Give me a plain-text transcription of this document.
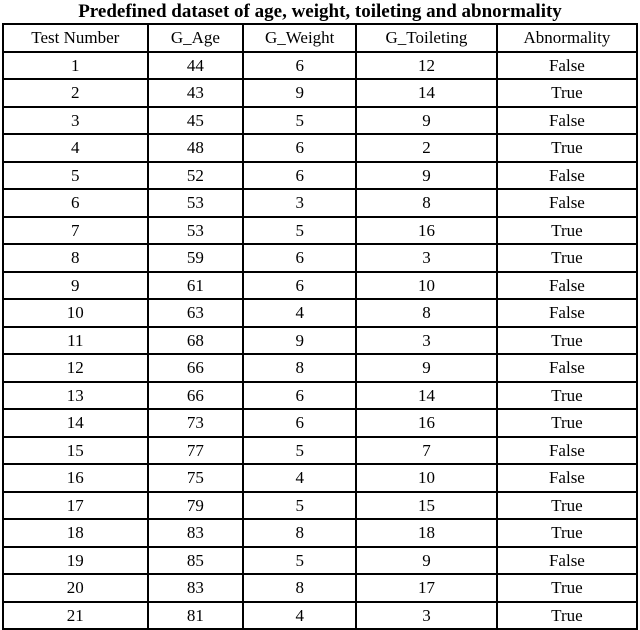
Predefined dataset of age, weight, toileting and abnormality
Test Number	G_Age	G_Weight	G_Toileting	Abnormality
1	44	6	12	False
2	43	9	14	True
3	45	5	9	False
4	48	6	2	True
5	52	6	9	False
6	53	3	8	False
7	53	5	16	True
8	59	6	3	True
9	61	6	10	False
10	63	4	8	False
11	68	9	3	True
12	66	8	9	False
13	66	6	14	True
14	73	6	16	True
15	77	5	7	False
16	75	4	10	False
17	79	5	15	True
18	83	8	18	True
19	85	5	9	False
20	83	8	17	True
21	81	4	3	True
